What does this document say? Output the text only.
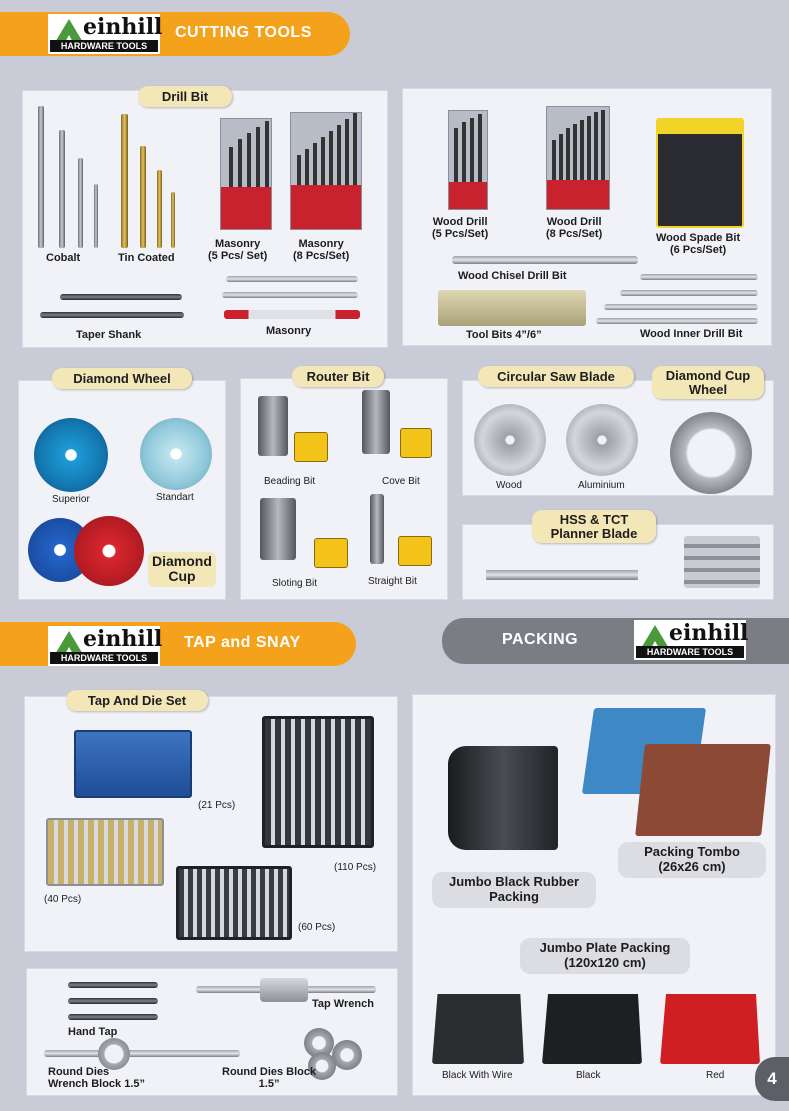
CUTTING TOOLS
einhill
HARDWARE TOOLS
Drill Bit
Cobalt	Tin Coated
Masonry
(5 Pcs/ Set)
Masonry
(8 Pcs/Set)
Taper Shank	Masonry
Wood Drill
(5 Pcs/Set)
Wood Drill
(8 Pcs/Set)	Wood Spade Bit
(6 Pcs/Set)
Wood Chisel Drill Bit
Tool Bits 4”/6”	Wood Inner Drill Bit
Diamond Wheel
Superior	Standart
Diamond
Cup
Router Bit
Beading Bit	Cove Bit
Sloting Bit	Straight Bit
Circular Saw Blade	Diamond Cup
Wheel
Wood	Aluminium
HSS & TCT
Planner Blade
TAP and SNAY
einhill
HARDWARE TOOLS
PACKING	einhill
HARDWARE TOOLS
Tap And Die Set
(21 Pcs)
(110 Pcs)
(40 Pcs)
(60 Pcs)
Hand Tap
Tap Wrench
Round Dies
Wrench Block 1.5”
Round Dies Block
1.5”
Jumbo Black Rubber
Packing
Packing Tombo
(26x26 cm)
Jumbo Plate Packing
(120x120 cm)
Black With Wire	Black	Red	4
